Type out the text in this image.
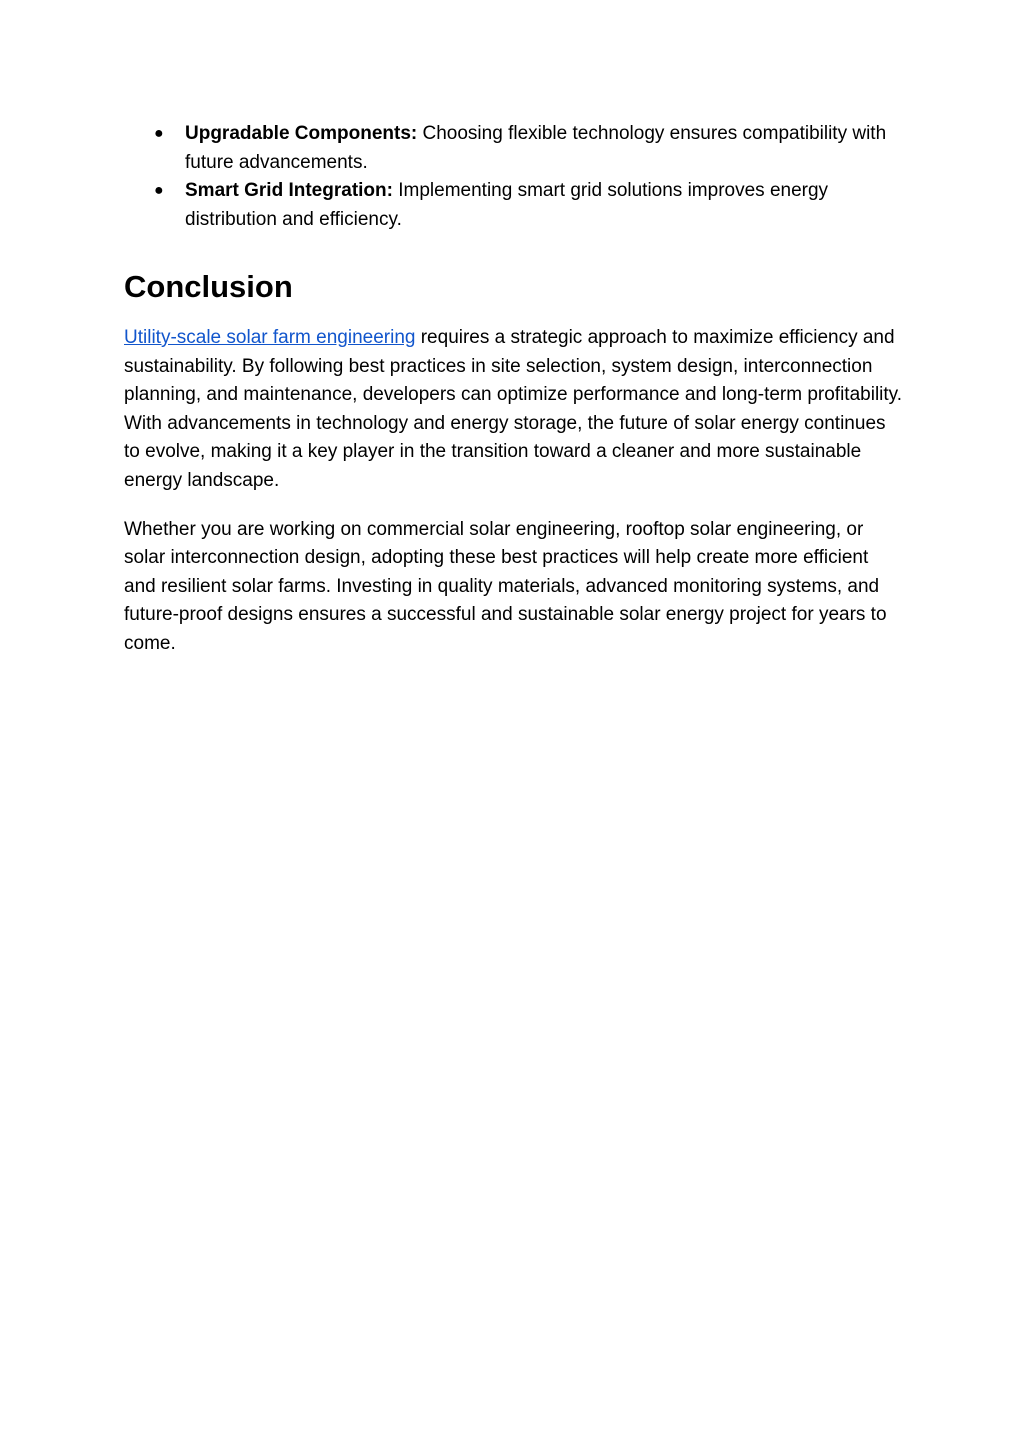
● Upgradable Components: Choosing flexible technology ensures compatibility with future advancements.
● Smart Grid Integration: Implementing smart grid solutions improves energy distribution and efficiency.
Conclusion

Utility-scale solar farm engineering requires a strategic approach to maximize efficiency and sustainability. By following best practices in site selection, system design, interconnection planning, and maintenance, developers can optimize performance and long-term profitability. With advancements in technology and energy storage, the future of solar energy continues to evolve, making it a key player in the transition toward a cleaner and more sustainable energy landscape.

Whether you are working on commercial solar engineering, rooftop solar engineering, or solar interconnection design, adopting these best practices will help create more efficient and resilient solar farms. Investing in quality materials, advanced monitoring systems, and future-proof designs ensures a successful and sustainable solar energy project for years to come.
